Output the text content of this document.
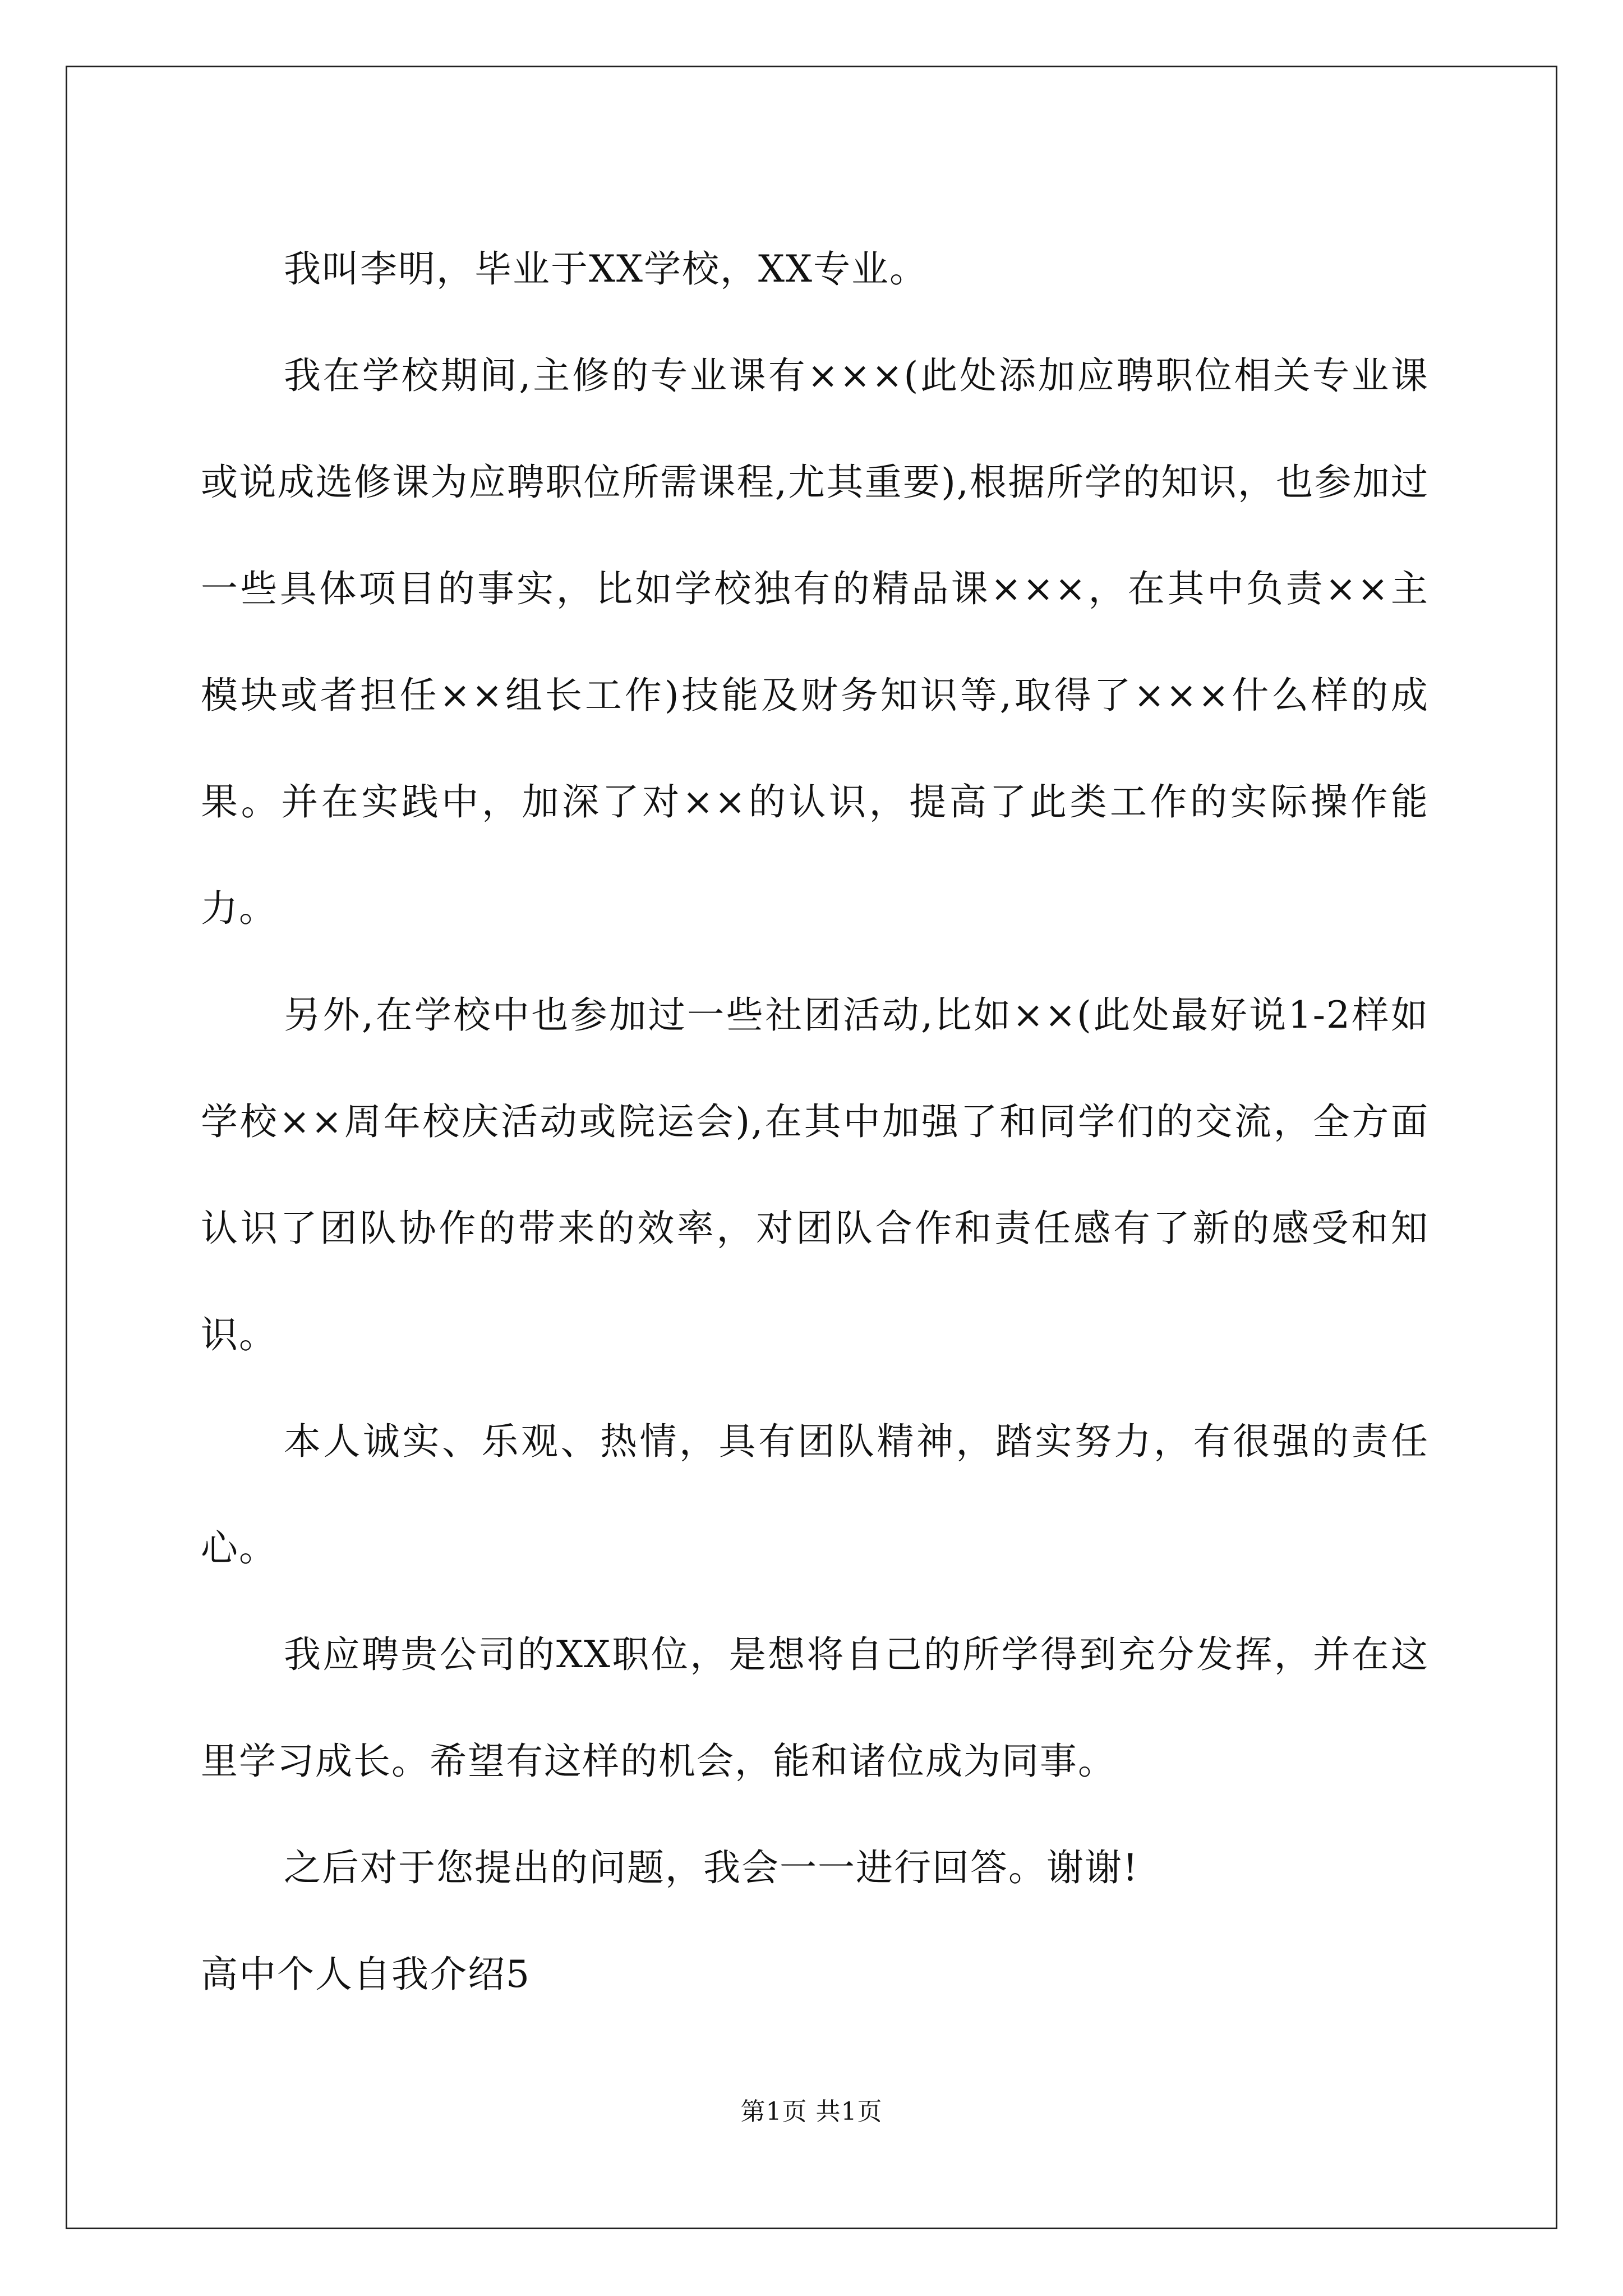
我叫李明，毕业于XX学校，XX专业。

我在学校期间,主修的专业课有×××(此处添加应聘职位相关专业课或说成选修课为应聘职位所需课程,尤其重要),根据所学的知识，也参加过一些具体项目的事实，比如学校独有的精品课×××，在其中负责××主模块或者担任××组长工作)技能及财务知识等,取得了×××什么样的成果。并在实践中，加深了对××的认识，提高了此类工作的实际操作能力。

另外,在学校中也参加过一些社团活动,比如××(此处最好说1-2样如学校××周年校庆活动或院运会),在其中加强了和同学们的交流，全方面认识了团队协作的带来的效率，对团队合作和责任感有了新的感受和知识。

本人诚实、乐观、热情，具有团队精神，踏实努力，有很强的责任心。

我应聘贵公司的XX职位，是想将自己的所学得到充分发挥，并在这里学习成长。希望有这样的机会，能和诸位成为同事。

之后对于您提出的问题，我会一一进行回答。谢谢!

高中个人自我介绍5

第1页 共1页
